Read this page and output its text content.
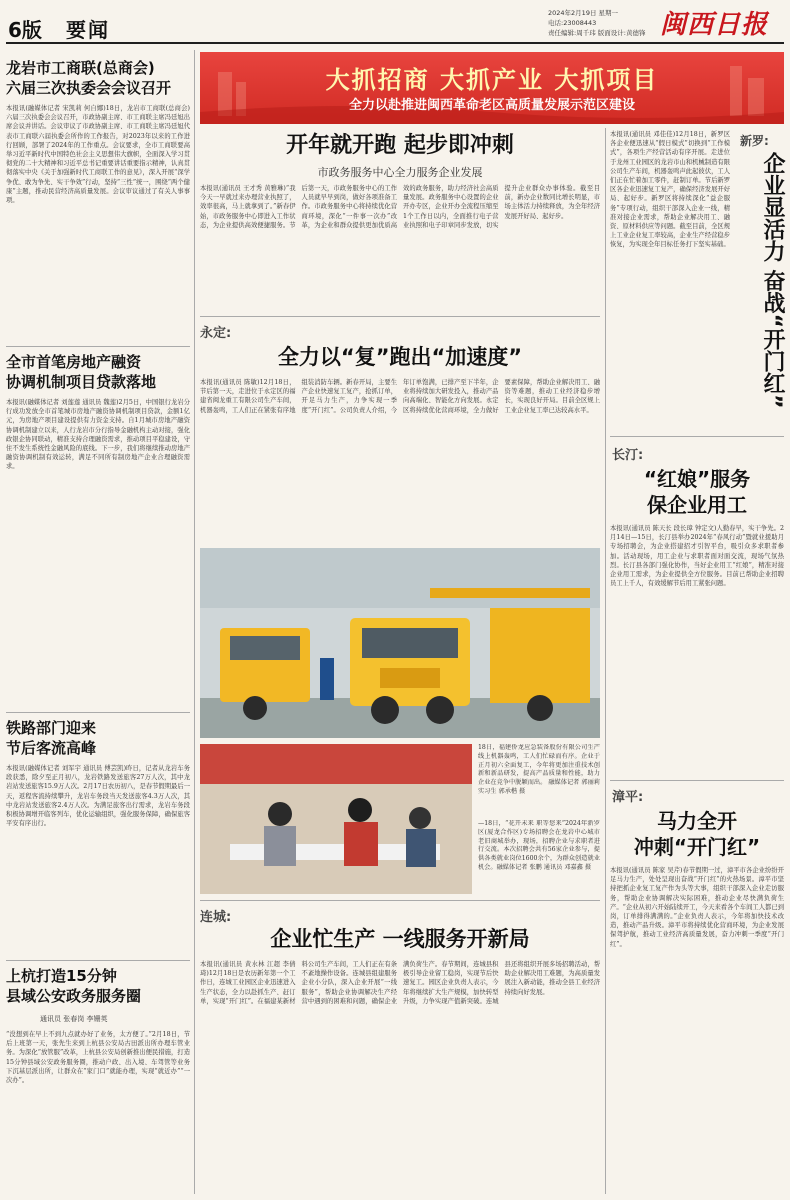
6版 要闻
2024年2月19日 星期一
电话:23008443
责任编辑:周千玮 版面设计:黄德锋 闽西日报
龙岩市工商联(总商会)
六届三次执委会会议召开
本报讯(融媒体记者 宋凯莉 何自娜)18日，龙岩市工商联(总商会)六届三次执委会会议召开，市政协副主席、市工商联主席冯廷旭出席会议并讲话。会议审议了市政协副主席、市工商联主席冯廷旭代表市工商联六届执委会所作的工作报告，对2023年以来的工作进行回顾，部署了2024年的工作重点。会议要求，全市工商联要高举习近平新时代中国特色社会主义思想伟大旗帜，全面深入学习贯彻党的二十大精神和习近平总书记重要讲话重要指示精神，认真贯彻落实中央《关于加强新时代工商联工作的意见》，深入开展“深学争优、敢为争先、实干争效”行动，坚持“三性”统一，围绕“两个健康”主题，推动民营经济高质量发展。会议审议通过了有关人事事项。
全市首笔房地产融资
协调机制项目贷款落地
本报讯(融媒体记者 刘莲莲 通讯员 魏莲)2月5日，中国银行龙岩分行成功发放全市首笔城市房地产融资协调机制项目贷款，金额1亿元，为房地产项目建设提供有力资金支持。自1月城市房地产融资协调机制建立以来，人行龙岩市分行指导金融机构主动对接，强化政银企协同联动，精准支持合理融资需求，推动项目平稳建设，守住不发生系统性金融风险的底线。下一步，我们将继续推动房地产融资协调机制有效运转，满足不同所有制房地产企业合理融资需求。
铁路部门迎来
节后客流高峰
本报讯(融媒体记者 刘军宇 通讯员 傅芸凯)昨日，记者从龙岩车务段获悉，除夕至正月初八，龙岩铁路发送旅客27万人次，其中龙岩站发送旅客15.9万人次。2月17日农历初八，是春节假期最后一天，返程客流持续攀升，龙岩车务段当天发送旅客4.3万人次，其中龙岩站发送旅客2.4万人次。为满足旅客出行需求，龙岩车务段积极协调增开临客列车，优化运输组织，强化服务保障，确保旅客平安有序出行。
上杭打造15分钟
县域公安政务服务圈
通讯员 张春岗 李姗英
“没想到在早上不到九点就办好了业务，太方便了。”2月18日，节后上班第一天，张先生来到上杭县公安局古田派出所办理车管业务。为深化“放管服”改革，上杭县公安局创新推出便民措施，打造15分钟县域公安政务服务圈，推动户政、出入境、车驾管等业务下沉基层派出所，让群众在“家门口”就能办理，实现“就近办”“一次办”。
大抓招商 大抓产业 大抓项目
全力以赴推进闽西革命老区高质量发展示范区建设
开年就开跑 起步即冲刺
市政务服务中心全力服务企业发展
本报讯(通讯员 王才秀 黄雅琳)“我今天一早就过来办理营业执照了，效率很高，马上就拿到了。”新春伊始，市政务服务中心即进入工作状态，为企业提供高效便捷服务。节后第一天，市政务服务中心的工作人员就早早到岗，做好各项准备工作。市政务服务中心将持续优化营商环境，深化“一件事一次办”改革，为企业和群众提供更加优质高效的政务服务，助力经济社会高质量发展。政务服务中心设置的企业开办专区，企业开办全流程压缩至1个工作日以内，全面推行电子营业执照和电子印章同步发放，切实提升企业群众办事体验。截至目前，新办企业数同比增长明显，市场主体活力持续释放，为全年经济发展开好局、起好步。
永定:
全力以“复”跑出“加速度”
本报讯(通讯员 陈敏)12月18日，节后第一天，走进位于永定区的福建省闽龙重工有限公司生产车间，机器轰鸣，工人们正在紧张有序地组装消防车辆。新春开局，主要生产企业快速复工复产，抢抓订单，开足马力生产，力争实现一季度“开门红”。公司负责人介绍，今年订单饱满，已排产至下半年，企业将持续加大研发投入，推动产品向高端化、智能化方向发展。永定区将持续优化营商环境，全力做好要素保障，帮助企业解决用工、融资等难题，推动工业经济稳步增长，实现良好开局。目前全区规上工业企业复工率已达较高水平。
18日，福建侨龙应急装备股份有限公司生产线上机器轰鸣，工人们忙碌而有序。企业于正月初六全面复工，今年将更加注重技术创新和新品研发，提高产品质量和性能，助力企业在竞争中脱颖而出。 融媒体记者 郭丽莉 实习生 郭承楷 摄
—18日，“花开未来 职等您来”2024年新罗区(厦龙合作区)专场招聘会在龙岩中心城市老旧商城举办，现场，招聘企业与求职者进行交流。本次招聘会共有56家企业参与，提供各类就业岗位1600余个，为群众创造就业机会。融媒体记者 张鹏 通讯员 邓嘉鑫 摄
连城:
企业忙生产 一线服务开新局
本报讯(通讯员 黄水林 江超 李倩琦)12月18日是农历新年第一个工作日，连城工业园区企业迅速进入生产状态，全力以赴抓生产、赶订单，实现“开门红”。在福建某新材料公司生产车间，工人们正在有条不紊地操作设备。连城县组建服务企业小分队，深入企业开展“一线服务”，帮助企业协调解决生产经营中遇到的困难和问题，确保企业满负荷生产。春节期间，连城县积极引导企业留工稳岗，实现节后快速复工。园区企业负责人表示，今年将继续扩大生产规模，加快转型升级，力争实现产值新突破。连城县还将组织开展多场招聘活动，帮助企业解决用工难题，为高质量发展注入新动能，推动全县工业经济持续向好发展。
本报讯(通讯员 邓佳佳)12月18日，新罗区各企业便迅速从“假日模式”切换到“工作模式”，各项生产经营活动有序开展。走进位于龙州工业园区的龙岩市山和机械制造有限公司生产车间，机器轰鸣声此起彼伏，工人们正在忙着加工零件，赶制订单。节后新罗区各企业迅速复工复产，确保经济发展开好局、起好步。新罗区将持续深化“益企服务”专项行动，组织干部深入企业一线，精准对接企业需求，帮助企业解决用工、融资、原材料供应等问题。截至目前，全区规上工业企业复工率较高，企业生产经营稳步恢复，为实现全年目标任务打下坚实基础。
新罗:
企业显活力 奋战“开门红”
长汀:
“红娘”服务
保企业用工
本报讯(通讯员 陈天长 段长璋 钟定文)人勤春早，实干争先。2月14日—15日，长汀县举办2024年“春风行动”暨就业援助月专场招聘会，为企业搭建招才引智平台，吸引众多求职者参加。活动现场，用工企业与求职者面对面交流，现场气氛热烈。长汀县各部门强化协作，当好企业用工“红娘”，精准对接企业用工需求，为企业提供全方位服务。目前已帮助企业招聘员工上千人，有效缓解节后用工紧张问题。
漳平:
马力全开
冲刺“开门红”
本报讯(通讯员 陈家 吴芹)春节假期一过，漳平市各企业纷纷开足马力生产，处处呈现出奋战“开门红”的火热场景。漳平市坚持把抓企业复工复产作为头等大事，组织干部深入企业走访服务，帮助企业协调解决实际困难，推动企业尽快满负荷生产。“企业从初六开始陆续开工，今天来看各个车间工人都已到岗，订单排得满满的。”企业负责人表示，今年将加快技术改造，推动产品升级。漳平市将持续优化营商环境，为企业发展保驾护航，推动工业经济高质量发展，奋力冲刺一季度“开门红”。
